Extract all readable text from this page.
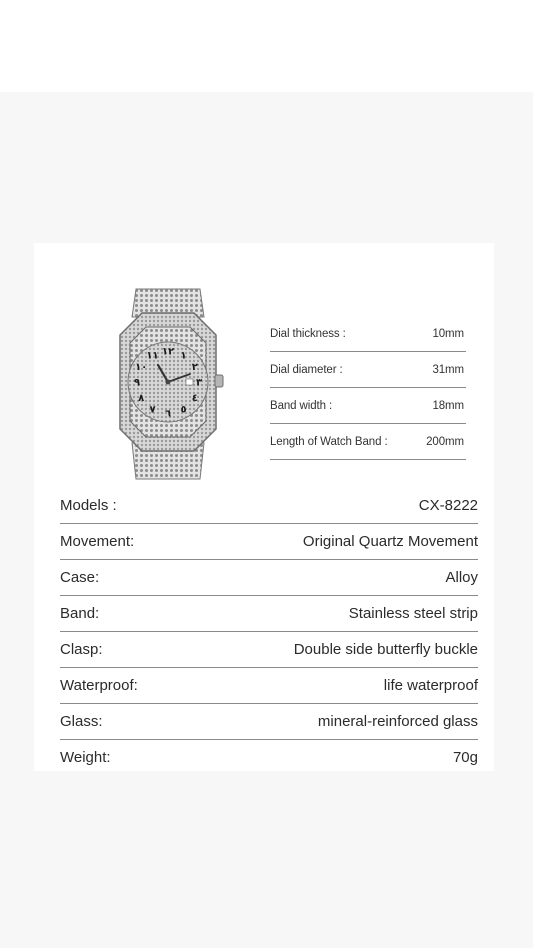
١٢ ١
٢
٣
٤
٥
٦
٧
٨
٩
١٠
١١
Dial thickness :	10mm
Dial diameter :	31mm
Band width :	18mm
Length of Watch Band :	200mm
Models :	CX-8222
Movement:	Original Quartz Movement
Case:	Alloy
Band:	Stainless steel strip
Clasp:	Double side butterfly buckle
Waterproof:	life waterproof
Glass:	mineral-reinforced glass
Weight:	70g
